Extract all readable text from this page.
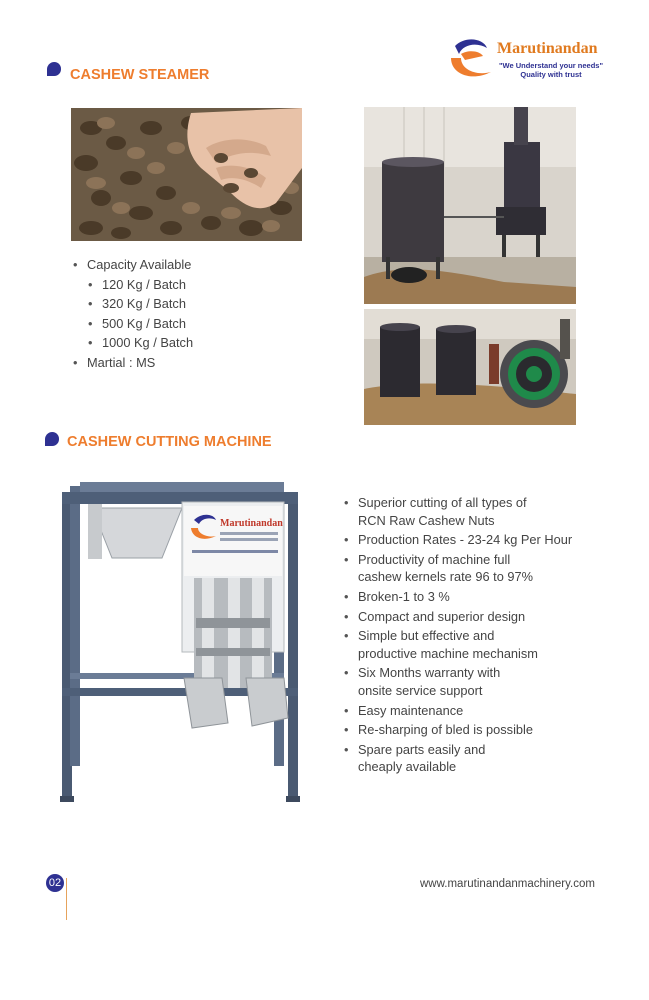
Marutinandan
"We Understand your needs"
Quality with trust
CASHEW STEAMER
• Capacity Available
• 120 Kg / Batch
• 320 Kg / Batch
• 500 Kg / Batch
• 1000 Kg / Batch
• Martial : MS
CASHEW CUTTING MACHINE
Marutinandan
• Superior cutting of all types of
RCN Raw Cashew Nuts
• Production Rates - 23-24 kg Per Hour
• Productivity of machine full
cashew kernels rate 96 to 97%
• Broken-1 to 3 %
• Compact and superior design
• Simple but effective and
productive machine mechanism
• Six Months warranty with
onsite service support
• Easy maintenance
• Re-sharping of bled is possible
• Spare parts easily and
cheaply available
02	www.marutinandanmachinery.com
